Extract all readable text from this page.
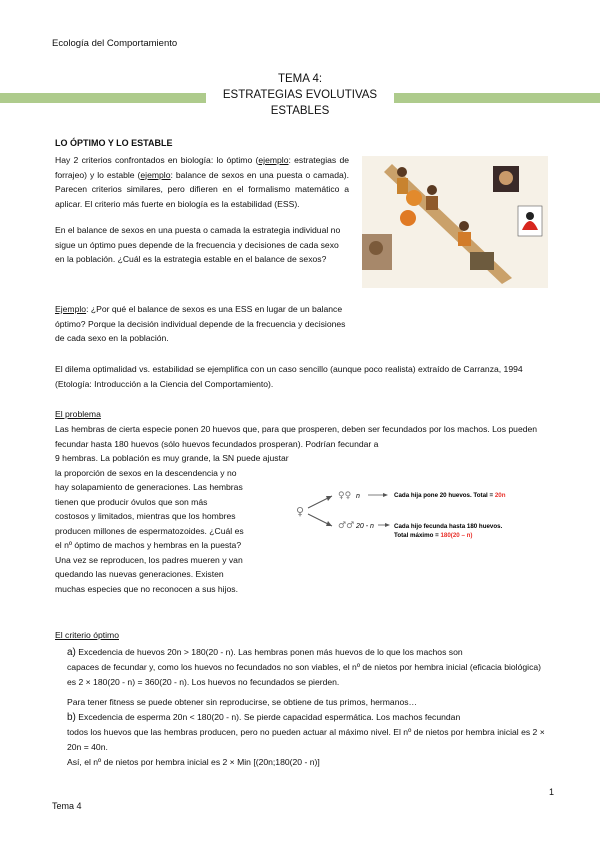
Ecología del Comportamiento
TEMA 4:
ESTRATEGIAS EVOLUTIVAS
ESTABLES
LO ÓPTIMO Y LO ESTABLE
Hay 2 criterios confrontados en biología: lo óptimo (ejemplo: estrategias de forrajeo) y lo estable (ejemplo: balance de sexos en una puesta o camada). Parecen criterios similares, pero difieren en el formalismo matemático a aplicar. El criterio más fuerte en biología es la estabilidad (ESS).
En el balance de sexos en una puesta o camada la estrategia individual no sigue un óptimo pues depende de la frecuencia y decisiones de cada sexo en la población. ¿Cuál es la estrategia estable en el balance de sexos?
Ejemplo: ¿Por qué el balance de sexos es una ESS en lugar de un balance óptimo? Porque la decisión individual depende de la frecuencia y decisiones de cada sexo en la población.
El dilema optimalidad vs. estabilidad se ejemplifica con un caso sencillo (aunque poco realista) extraído de Carranza, 1994 (Etología: Introducción a la Ciencia del Comportamiento).
El problema
Las hembras de cierta especie ponen 20 huevos que, para que prosperen, deben ser fecundados por los machos. Los pueden fecundar hasta 180 huevos (sólo huevos fecundados prosperan). Podrían fecundar a
9 hembras. La población es muy grande, la SN puede ajustar
la proporción de sexos en la descendencia y no
hay solapamiento de generaciones. Las hembras
tienen que producir óvulos que son más
costosos y limitados, mientras que los hombres
producen millones de espermatozoides. ¿Cuál es
el nº óptimo de machos y hembras en la puesta?
Una vez se reproducen, los padres mueren y van
quedando las nuevas generaciones. Existen
muchas especies que no reconocen a sus hijos.
♀
♀♀ n	Cada hija pone 20 huevos. Total = 20n
♂♂ 20 - n	Cada hijo fecunda hasta 180 huevos.
Total máximo = 180(20 – n)
El criterio óptimo
a) Excedencia de huevos 20n > 180(20 - n). Las hembras ponen más huevos de lo que los machos son
capaces de fecundar y, como los huevos no fecundados no son viables, el nº de nietos por hembra inicial (eficacia biológica) es 2 × 180(20 - n) = 360(20 - n). Los huevos no fecundados se pierden.
Para tener fitness se puede obtener sin reproducirse, se obtiene de tus primos, hermanos…
b) Excedencia de esperma 20n < 180(20 - n). Se pierde capacidad espermática. Los machos fecundan
todos los huevos que las hembras producen, pero no pueden actuar al máximo nivel. El nº de nietos por hembra inicial es 2 × 20n = 40n.
Así, el nº de nietos por hembra inicial es 2 × Min [(20n;180(20 - n)]
Tema 4
1
